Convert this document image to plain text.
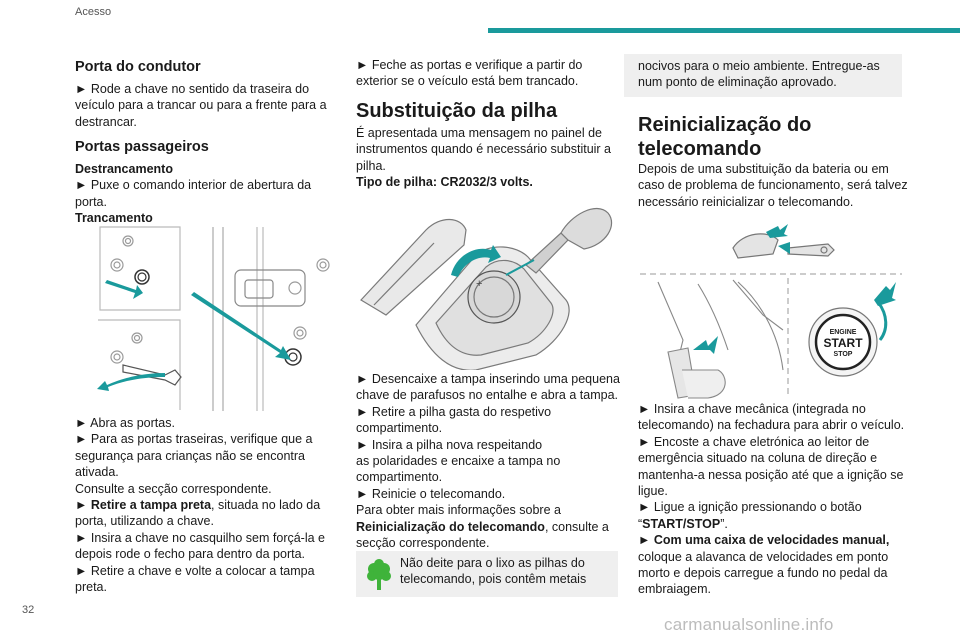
Acesso
32
carmanualsonline.info
Porta do condutor
► Rode a chave no sentido da traseira do
veículo para a trancar ou para a frente para a
destrancar.
Portas passageiros
Destrancamento
► Puxe o comando interior de abertura da
porta.
Trancamento
► Abra as portas.
► Para as portas traseiras, verifique que a
segurança para crianças não se encontra
ativada.
Consulte a secção correspondente.
► Retire a tampa preta, situada no lado da
porta, utilizando a chave.
► Insira a chave no casquilho sem forçá-la e
depois rode o fecho para dentro da porta.
► Retire a chave e volte a colocar a tampa
preta.
► Feche as portas e verifique a partir do
exterior se o veículo está bem trancado.
Substituição da pilha
É apresentada uma mensagem no painel de
instrumentos quando é necessário substituir a
pilha.
Tipo de pilha: CR2032/3 volts.
+
► Desencaixe a tampa inserindo uma pequena
chave de parafusos no entalhe e abra a tampa.
► Retire a pilha gasta do respetivo
compartimento.
► Insira a pilha nova respeitando
as polaridades e encaixe a tampa no
compartimento.
► Reinicie o telecomando.
Para obter mais informações sobre a
Reinicialização do telecomando, consulte a
secção correspondente.
Não deite para o lixo as pilhas do
telecomando, pois contêm metais
nocivos para o meio ambiente. Entregue-as
num ponto de eliminação aprovado.
Reinicialização do
telecomando
Depois de uma substituição da bateria ou em
caso de problema de funcionamento, será talvez
necessário reinicializar o telecomando.
ENGINE
START
STOP
► Insira a chave mecânica (integrada no
telecomando) na fechadura para abrir o veículo.
► Encoste a chave eletrónica ao leitor de
emergência situado na coluna de direção e
mantenha-a nessa posição até que a ignição se
ligue.
► Ligue a ignição pressionando o botão
“START/STOP”.
► Com uma caixa de velocidades manual,
coloque a alavanca de velocidades em ponto
morto e depois carregue a fundo no pedal da
embraiagem.
